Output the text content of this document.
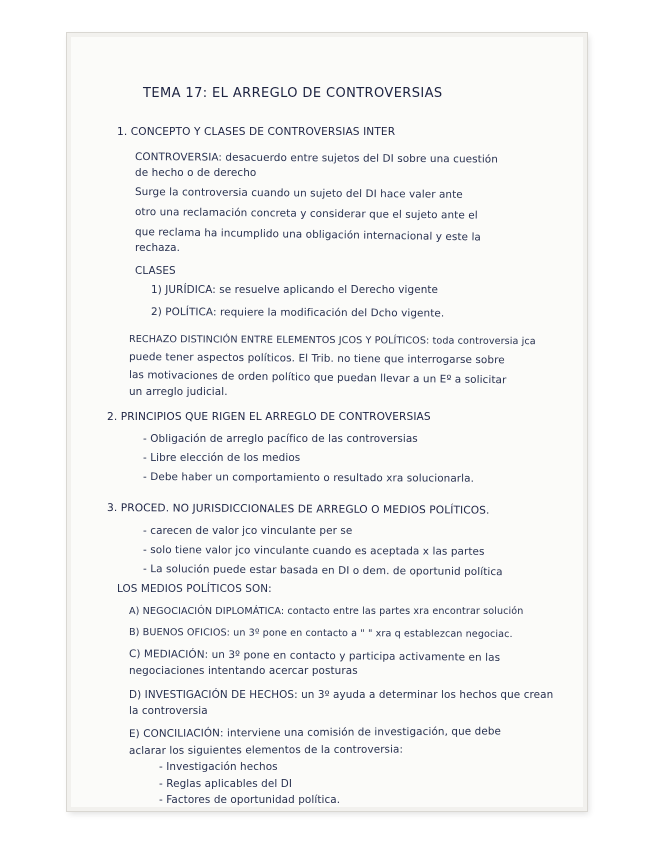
TEMA 17: EL ARREGLO DE CONTROVERSIAS
1. CONCEPTO Y CLASES DE CONTROVERSIAS INTER
CONTROVERSIA: desacuerdo entre sujetos del DI sobre una cuestión
de hecho o de derecho
Surge la controversia cuando un sujeto del DI hace valer ante
otro una reclamación concreta y considerar que el sujeto ante el
que reclama ha incumplido una obligación internacional y este la
rechaza.
CLASES
1) JURÍDICA: se resuelve aplicando el Derecho vigente
2) POLÍTICA: requiere la modificación del Dcho vigente.
RECHAZO DISTINCIÓN ENTRE ELEMENTOS JCOS Y POLÍTICOS: toda controversia jca
puede tener aspectos políticos. El Trib. no tiene que interrogarse sobre
las motivaciones de orden político que puedan llevar a un Eº a solicitar
un arreglo judicial.
2. PRINCIPIOS QUE RIGEN EL ARREGLO DE CONTROVERSIAS
- Obligación de arreglo pacífico de las controversias
- Libre elección de los medios
- Debe haber un comportamiento o resultado xra solucionarla.
3. PROCED. NO JURISDICCIONALES DE ARREGLO O MEDIOS POLÍTICOS.
- carecen de valor jco vinculante per se
- solo tiene valor jco vinculante cuando es aceptada x las partes
- La solución puede estar basada en DI o dem. de oportunid política
LOS MEDIOS POLÍTICOS SON:
A) NEGOCIACIÓN DIPLOMÁTICA: contacto entre las partes xra encontrar solución
B) BUENOS OFICIOS: un 3º pone en contacto a " " xra q establezcan negociac.
C) MEDIACIÓN: un 3º pone en contacto y participa activamente en las
negociaciones intentando acercar posturas
D) INVESTIGACIÓN DE HECHOS: un 3º ayuda a determinar los hechos que crean
la controversia
E) CONCILIACIÓN: interviene una comisión de investigación, que debe
aclarar los siguientes elementos de la controversia:
- Investigación hechos
- Reglas aplicables del DI
- Factores de oportunidad política.
